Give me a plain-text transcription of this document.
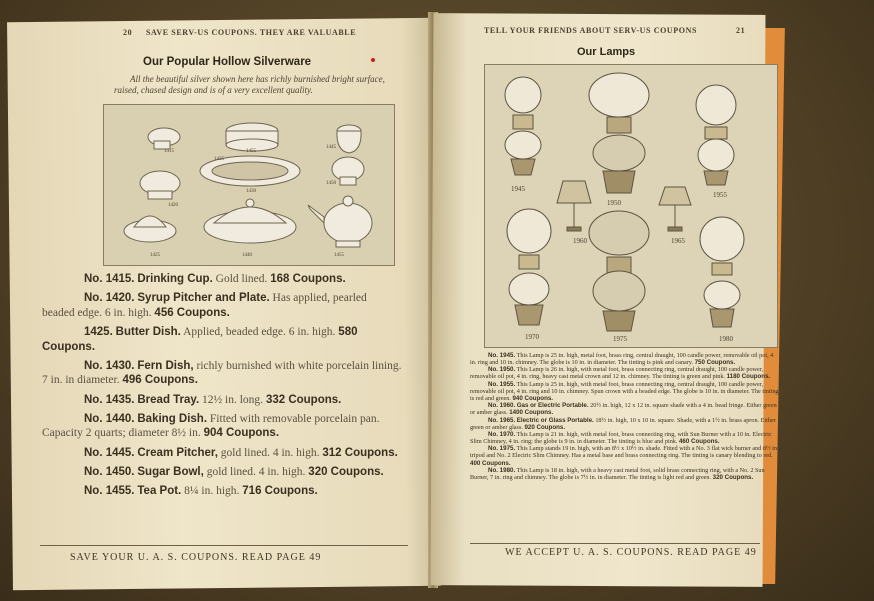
20 SAVE SERV-US COUPONS. THEY ARE VALUABLE
Our Popular Hollow Silverware
All the beautiful silver shown here has richly burnished bright surface, raised, chased design and is of a very excellent quality.
1415	1455
1445
1430
1450
1435
1420
1440
1425	1455
No. 1415. Drinking Cup. Gold lined. 168 Coupons.
No. 1420. Syrup Pitcher and Plate. Has applied, pearled beaded edge. 6 in. high. 456 Coupons.
1425. Butter Dish. Applied, beaded edge. 6 in. high. 580 Coupons.
No. 1430. Fern Dish, richly burnished with white porcelain lining. 7 in. in diameter. 496 Coupons.
No. 1435. Bread Tray. 12½ in. long. 332 Coupons.
No. 1440. Baking Dish. Fitted with removable porcelain pan. Capacity 2 quarts; diameter 8½ in. 904 Coupons.
No. 1445. Cream Pitcher, gold lined. 4 in. high. 312 Coupons.
No. 1450. Sugar Bowl, gold lined. 4 in. high. 320 Coupons.
No. 1455. Tea Pot. 8¼ in. high. 716 Coupons.
SAVE YOUR U. A. S. COUPONS. READ PAGE 49
TELL YOUR FRIENDS ABOUT SERV-US COUPONS	21
Our Lamps
1945
1950
1955
1960	1965
1970	1975	1980

No. 1945. This Lamp is 25 in. high, metal foot, brass ring, central draught, 100 candle power, removable oil pot, 4 in. ring and 10 in. chimney. The globe is 10 in. in diameter. The tinting is pink and canary. 750 Coupons.

No. 1950. This Lamp is 26 in. high, with metal foot, brass connecting ring, central draught, 100 candle power, removable oil pot, 4 in. ring, heavy cast metal crown and 12 in. chimney. The tinting is green and pink. 1180 Coupons.

No. 1955. This Lamp is 25 in. high, with metal foot, brass connecting ring, central draught, 100 candle power, removable oil pot, 4 in. ring and 10 in. chimney. Spun crown with a beaded edge. The globe is 10 in. in diameter. The tinting is red and green. 940 Coupons.

No. 1960. Gas or Electric Portable. 20½ in. high, 12 x 12 in. square shade with a 4 in. bead fringe. Either green or amber glass. 1400 Coupons.

No. 1965. Electric or Glass Portable. 18½ in. high, 10 x 10 in. square. Shade, with a 1½ in. brass apron. Either green or amber glass. 920 Coupons.

No. 1970. This Lamp is 21 in. high, with metal foot, brass connecting ring, with Sun Burner with a 10 in. Electric Slim Chimney, 4 in. ring; the globe is 9 in. in diameter. The tinting is blue and pink. 460 Coupons.

No. 1975. This Lamp stands 19 in. high, with an 8½ x 10½ in. shade. Fitted with a No. 3 flat wick burner and 8½ in. tripod and No. 2 Electric Slim Chimney. Has a metal base and brass connecting ring. The tinting is canary blending to red. 400 Coupons.

No. 1980. This Lamp is 18 in. high, with a heavy cast metal foot, solid brass connecting ring, with a No. 2 Sun Burner, 7 in. ring and chimney. The globe is 7½ in. in diameter. The tinting is light red and green. 320 Coupons.

WE ACCEPT U. A. S. COUPONS. READ PAGE 49
